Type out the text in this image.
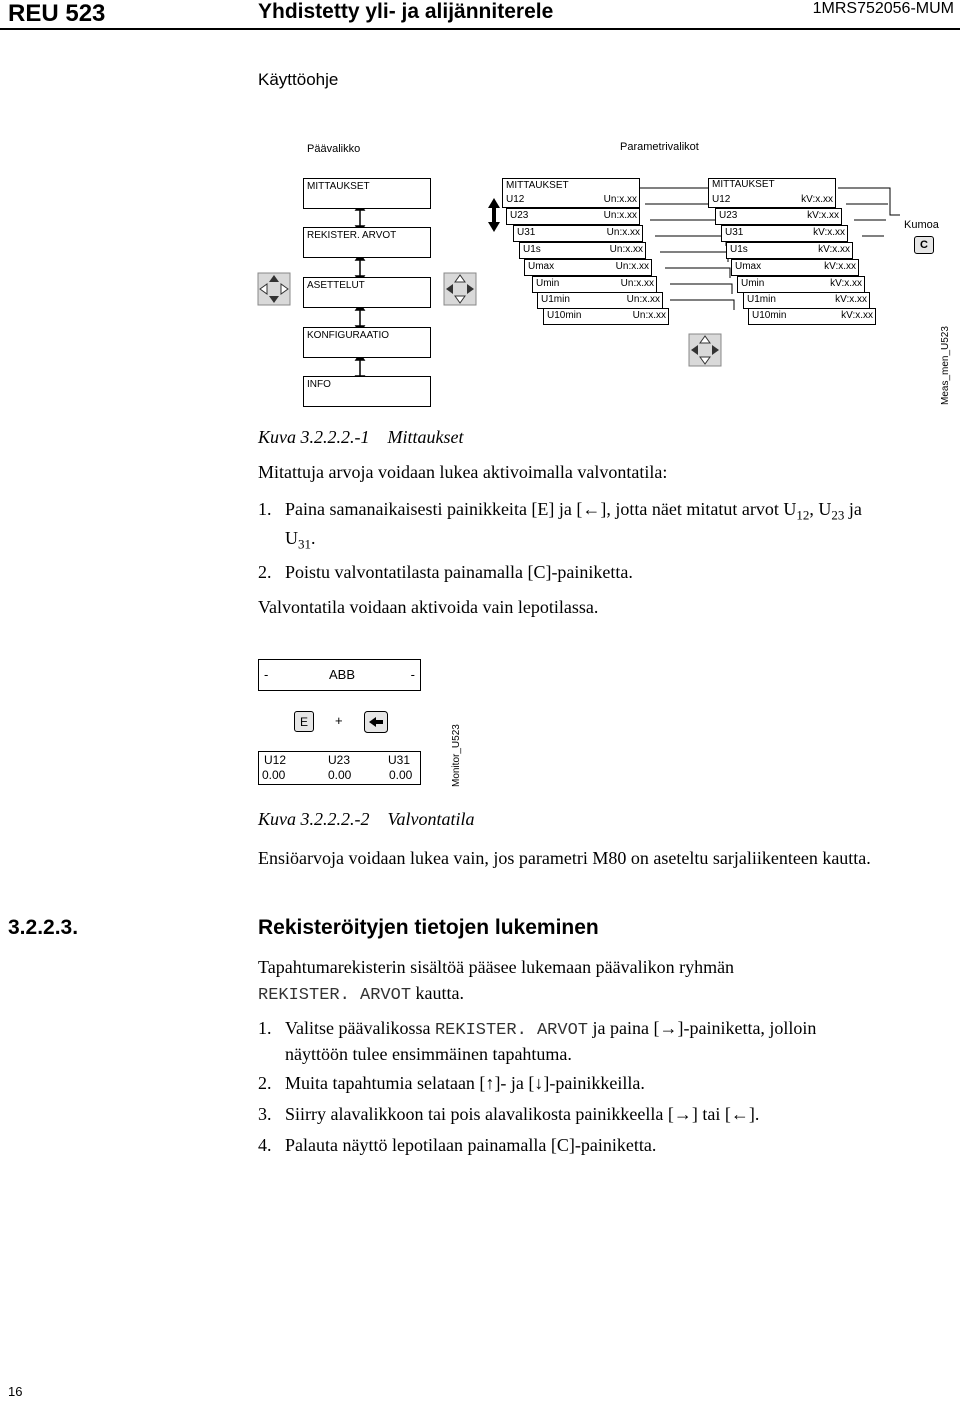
REU 523	Yhdistetty yli- ja alijänniterele	1MRS752056-MUM
Käyttöohje
Päävalikko	Parametrivalikot
MITTAUKSET
REKISTER. ARVOT
ASETTELUT
KONFIGURAATIO
INFO
MITTAUKSET
U12	Un:x.xx
U23	Un:x.xx
U31	Un:x.xx
U1s	Un:x.xx
Umax	Un:x.xx
Umin	Un:x.xx
U1min	Un:x.xx
U10min	Un:x.xx
MITTAUKSET
U12	kV:x.xx
U23	kV:x.xx
U31	kV:x.xx
U1s	kV:x.xx
Umax	kV:x.xx
Umin	kV:x.xx
U1min	kV:x.xx
U10min	kV:x.xx
Kumoa
C
Meas_men_U523
Kuva 3.2.2.2.-1 Mittaukset
Mitattuja arvoja voidaan lukea aktivoimalla valvontatila:
1. Paina samanaikaisesti painikkeita [E] ja [←], jotta näet mitatut arvot $U_{12}$, $U_{23}$ ja
$U_{31}$.
2. Poistu valvontatilasta painamalla [C]-painiketta.
Valvontatila voidaan aktivoida vain lepotilassa.
-	ABB	-
E	+
U12	U23	U31
0.00	0.00	0.00	Monitor_U523
Kuva 3.2.2.2.-2 Valvontatila
Ensiöarvoja voidaan lukea vain, jos parametri M80 on aseteltu sarjaliikenteen kautta.
3.2.2.3.	Rekisteröityjen tietojen lukeminen
Tapahtumarekisterin sisältöä pääsee lukemaan päävalikon ryhmän
REKISTER. ARVOT kautta.
1. Valitse päävalikossa REKISTER. ARVOT ja paina [→]-painiketta, jolloin
näyttöön tulee ensimmäinen tapahtuma.
2. Muita tapahtumia selataan [↑]- ja [↓]-painikkeilla.
3. Siirry alavalikkoon tai pois alavalikosta painikkeella [→] tai [←].
4. Palauta näyttö lepotilaan painamalla [C]-painiketta.
16
